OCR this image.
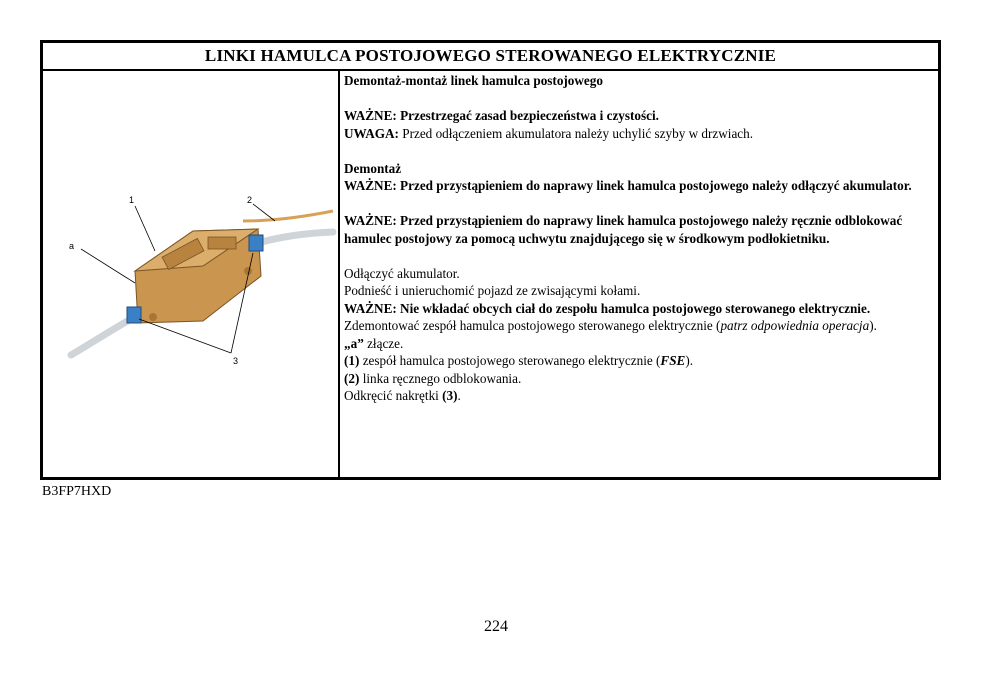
LINKI HAMULCA POSTOJOWEGO STEROWANEGO ELEKTRYCZNIE
a
1	2
3

Demontaż-montaż linek hamulca postojowego

WAŻNE: Przestrzegać zasad bezpieczeństwa i czystości.

UWAGA: Przed odłączeniem akumulatora należy uchylić szyby w drzwiach.

Demontaż

WAŻNE: Przed przystąpieniem do naprawy linek hamulca postojowego należy odłączyć akumulator.

WAŻNE: Przed przystąpieniem do naprawy linek hamulca postojowego należy ręcznie odblokować hamulec postojowy za pomocą uchwytu znajdującego się w środkowym podłokietniku.

Odłączyć akumulator.

Podnieść i unieruchomić pojazd ze zwisającymi kołami.

WAŻNE: Nie wkładać obcych ciał do zespołu hamulca postojowego sterowanego elektrycznie.

Zdemontować zespół hamulca postojowego sterowanego elektrycznie (patrz odpowiednia operacja).

„a” złącze.

(1) zespół hamulca postojowego sterowanego elektrycznie (FSE).

(2) linka ręcznego odblokowania.

Odkręcić nakrętki (3).

B3FP7HXD
224
